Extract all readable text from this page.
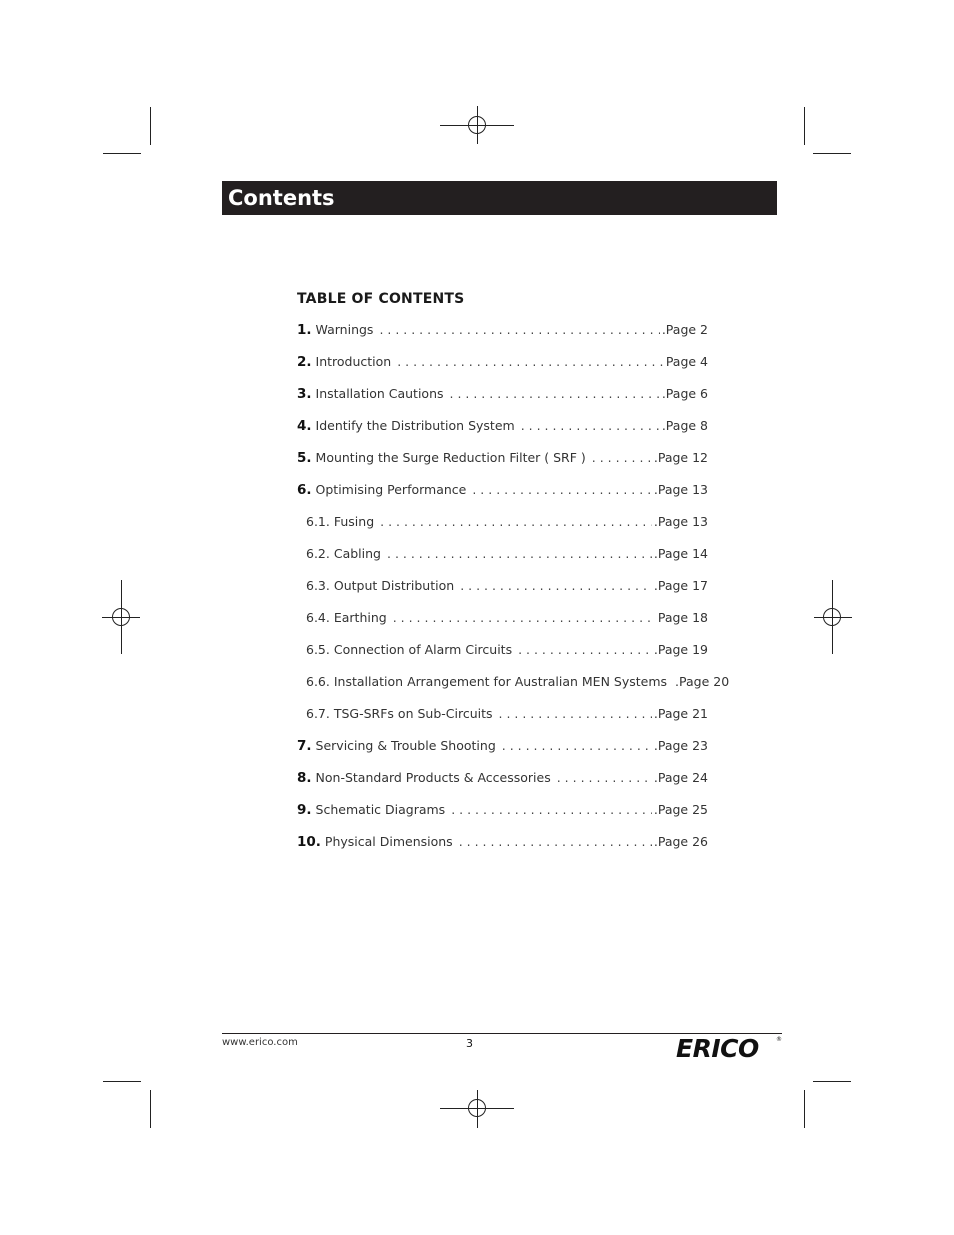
Contents
TABLE OF CONTENTS
1. Warnings . . .	.Page 2
2. Introduction . . .	Page 4
3. Installation Cautions . . .	.Page 6
4. Identify the Distribution System . . .	.Page 8
5. Mounting the Surge Reduction Filter ( SRF ) . . .	.Page 12
6. Optimising Performance . . .	.Page 13
6.1. Fusing . . .	.Page 13
6.2. Cabling . . .	.Page 14
6.3. Output Distribution . . .	.Page 17
6.4. Earthing . . .	Page 18
6.5. Connection of Alarm Circuits . . .	.Page 19
6.6. Installation Arrangement for Australian MEN Systems .Page 20
6.7. TSG-SRFs on Sub-Circuits . . .	.Page 21
7. Servicing & Trouble Shooting . . .	.Page 23
8. Non-Standard Products & Accessories . . .	.Page 24
9. Schematic Diagrams . . .	.Page 25
10. Physical Dimensions . . .	.Page 26
www.erico.com	3	ERICO	®
